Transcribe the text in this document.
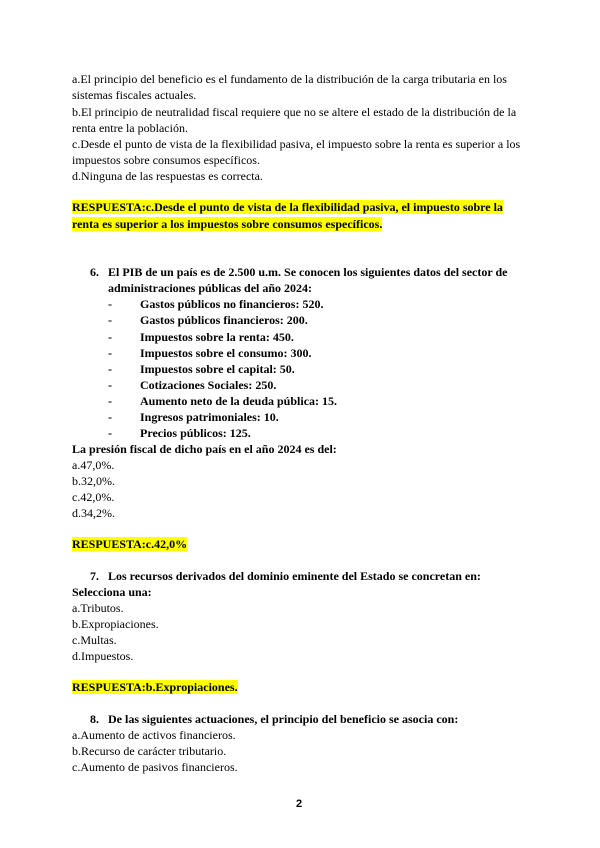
a.El principio del beneficio es el fundamento de la distribución de la carga tributaria en los
sistemas fiscales actuales.
b.El principio de neutralidad fiscal requiere que no se altere el estado de la distribución de la
renta entre la población.
c.Desde el punto de vista de la flexibilidad pasiva, el impuesto sobre la renta es superior a los
impuestos sobre consumos específicos.
d.Ninguna de las respuestas es correcta.
RESPUESTA:c.Desde el punto de vista de la flexibilidad pasiva, el impuesto sobre la
renta es superior a los impuestos sobre consumos específicos.
6. El PIB de un país es de 2.500 u.m. Se conocen los siguientes datos del sector de
administraciones públicas del año 2024:
- Gastos públicos no financieros: 520.
- Gastos públicos financieros: 200.
- Impuestos sobre la renta: 450.
- Impuestos sobre el consumo: 300.
- Impuestos sobre el capital: 50.
- Cotizaciones Sociales: 250.
- Aumento neto de la deuda pública: 15.
- Ingresos patrimoniales: 10.
- Precios públicos: 125.
La presión fiscal de dicho país en el año 2024 es del:
a.47,0%.
b.32,0%.
c.42,0%.
d.34,2%.
RESPUESTA:c.42,0%
7. Los recursos derivados del dominio eminente del Estado se concretan en:
Selecciona una:
a.Tributos.
b.Expropiaciones.
c.Multas.
d.Impuestos.
RESPUESTA:b.Expropiaciones.
8. De las siguientes actuaciones, el principio del beneficio se asocia con:
a.Aumento de activos financieros.
b.Recurso de carácter tributario.
c.Aumento de pasivos financieros.
2
